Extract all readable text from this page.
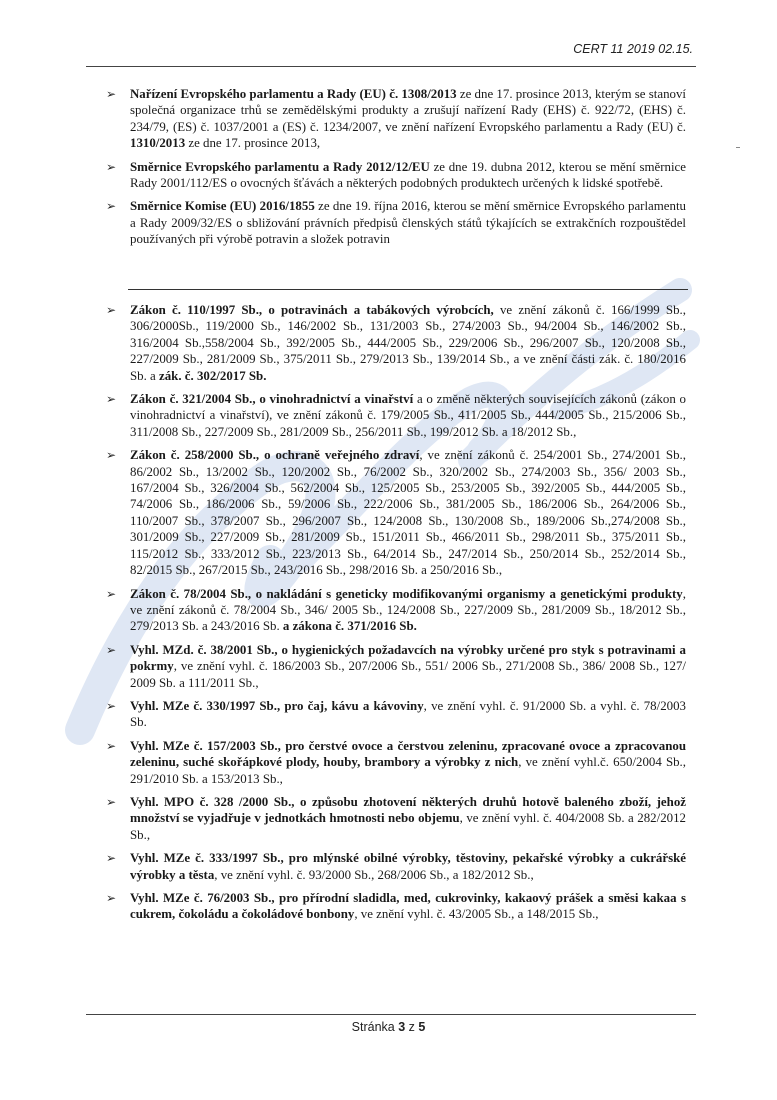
CERT 11 2019 02.15.
➢ Nařízení Evropského parlamentu a Rady (EU) č. 1308/2013 ze dne 17. prosince 2013, kterým se stanoví společná organizace trhů se zemědělskými produkty a zrušují nařízení Rady (EHS) č. 922/72, (EHS) č. 234/79, (ES) č. 1037/2001 a (ES) č. 1234/2007, ve znění nařízení Evropského parlamentu a Rady (EU) č. 1310/2013 ze dne 17. prosince 2013,
➢ Směrnice Evropského parlamentu a Rady 2012/12/EU ze dne 19. dubna 2012, kterou se mění směrnice Rady 2001/112/ES o ovocných šťávách a některých podobných produktech určených k lidské spotřebě.
➢ Směrnice Komise (EU) 2016/1855 ze dne 19. října 2016, kterou se mění směrnice Evropského parlamentu a Rady 2009/32/ES o sbližování právních předpisů členských států týkajících se extrakčních rozpouštědel používaných při výrobě potravin a složek potravin
➢ Zákon č. 110/1997 Sb., o potravinách a tabákových výrobcích, ve znění zákonů č. 166/1999 Sb., 306/2000Sb., 119/2000 Sb., 146/2002 Sb., 131/2003 Sb., 274/2003 Sb., 94/2004 Sb., 146/2002 Sb., 316/2004 Sb.,558/2004 Sb., 392/2005 Sb., 444/2005 Sb., 229/2006 Sb., 296/2007 Sb., 120/2008 Sb., 227/2009 Sb., 281/2009 Sb., 375/2011 Sb., 279/2013 Sb., 139/2014 Sb., a ve znění části zák. č. 180/2016 Sb. a zák. č. 302/2017 Sb.
➢ Zákon č. 321/2004 Sb., o vinohradnictví a vinařství a o změně některých souvisejících zákonů (zákon o vinohradnictví a vinařství), ve znění zákonů č. 179/2005 Sb., 411/2005 Sb., 444/2005 Sb., 215/2006 Sb., 311/2008 Sb., 227/2009 Sb., 281/2009 Sb., 256/2011 Sb., 199/2012 Sb. a 18/2012 Sb.,
➢ Zákon č. 258/2000 Sb., o ochraně veřejného zdraví, ve znění zákonů č. 254/2001 Sb., 274/2001 Sb., 86/2002 Sb., 13/2002 Sb., 120/2002 Sb., 76/2002 Sb., 320/2002 Sb., 274/2003 Sb., 356/ 2003 Sb., 167/2004 Sb., 326/2004 Sb., 562/2004 Sb., 125/2005 Sb., 253/2005 Sb., 392/2005 Sb., 444/2005 Sb., 74/2006 Sb., 186/2006 Sb., 59/2006 Sb., 222/2006 Sb., 381/2005 Sb., 186/2006 Sb., 264/2006 Sb., 110/2007 Sb., 378/2007 Sb., 296/2007 Sb., 124/2008 Sb., 130/2008 Sb., 189/2006 Sb.,274/2008 Sb., 301/2009 Sb., 227/2009 Sb., 281/2009 Sb., 151/2011 Sb., 466/2011 Sb., 298/2011 Sb., 375/2011 Sb., 115/2012 Sb., 333/2012 Sb., 223/2013 Sb., 64/2014 Sb., 247/2014 Sb., 250/2014 Sb., 252/2014 Sb., 82/2015 Sb., 267/2015 Sb., 243/2016 Sb., 298/2016 Sb. a 250/2016 Sb.,
➢ Zákon č. 78/2004 Sb., o nakládání s geneticky modifikovanými organismy a genetickými produkty, ve znění zákonů č. 78/2004 Sb., 346/ 2005 Sb., 124/2008 Sb., 227/2009 Sb., 281/2009 Sb., 18/2012 Sb., 279/2013 Sb. a 243/2016 Sb. a zákona č. 371/2016 Sb.
➢ Vyhl. MZd. č. 38/2001 Sb., o hygienických požadavcích na výrobky určené pro styk s potravinami a pokrmy, ve znění vyhl. č. 186/2003 Sb., 207/2006 Sb., 551/ 2006 Sb., 271/2008 Sb., 386/ 2008 Sb., 127/ 2009 Sb. a 111/2011 Sb.,
➢ Vyhl. MZe č. 330/1997 Sb., pro čaj, kávu a kávoviny, ve znění vyhl. č. 91/2000 Sb. a vyhl. č. 78/2003 Sb.
➢ Vyhl. MZe č. 157/2003 Sb., pro čerstvé ovoce a čerstvou zeleninu, zpracované ovoce a zpracovanou zeleninu, suché skořápkové plody, houby, brambory a výrobky z nich, ve znění vyhl.č. 650/2004 Sb., 291/2010 Sb. a 153/2013 Sb.,
➢ Vyhl. MPO č. 328 /2000 Sb., o způsobu zhotovení některých druhů hotově baleného zboží, jehož množství se vyjadřuje v jednotkách hmotnosti nebo objemu, ve znění vyhl. č. 404/2008 Sb. a 282/2012 Sb.,
➢ Vyhl. MZe č. 333/1997 Sb., pro mlýnské obilné výrobky, těstoviny, pekařské výrobky a cukrářské výrobky a těsta, ve znění vyhl. č. 93/2000 Sb., 268/2006 Sb., a 182/2012 Sb.,
➢ Vyhl. MZe č. 76/2003 Sb., pro přírodní sladidla, med, cukrovinky, kakaový prášek a směsi kakaa s cukrem, čokoládu a čokoládové bonbony, ve znění vyhl. č. 43/2005 Sb., a 148/2015 Sb.,
Stránka 3 z 5
